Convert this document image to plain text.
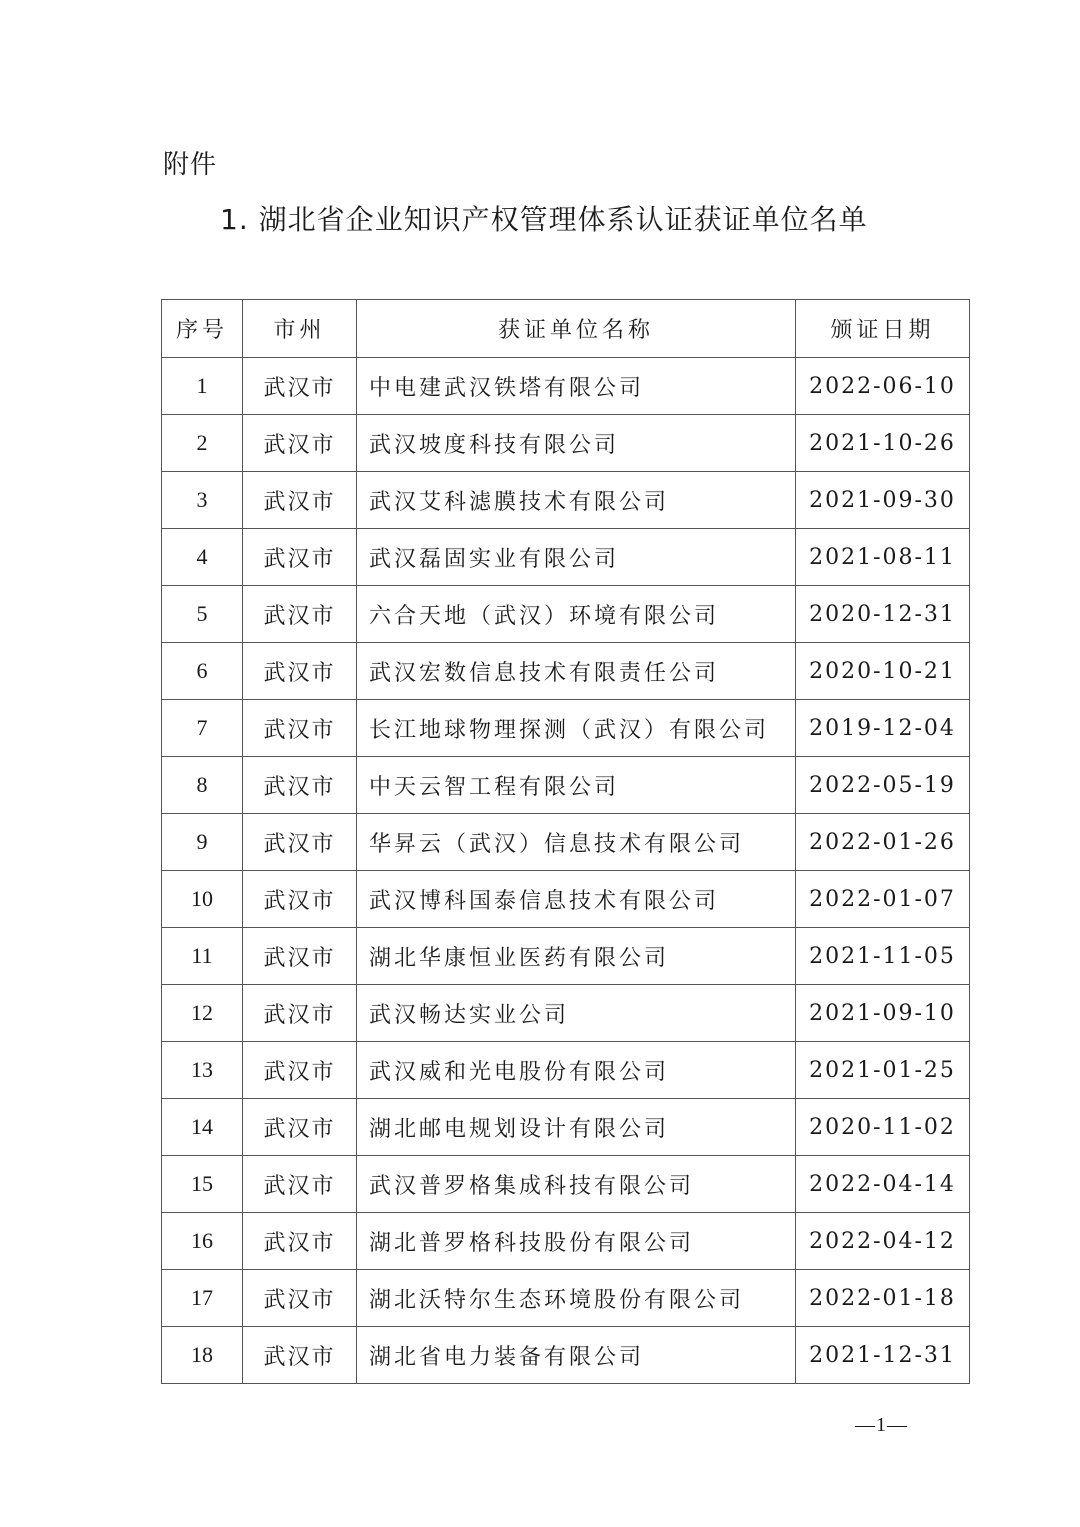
附件
1. 湖北省企业知识产权管理体系认证获证单位名单
序号	市州	获证单位名称	颁证日期
1	武汉市	中电建武汉铁塔有限公司	2022-06-10
2	武汉市	武汉坡度科技有限公司	2021-10-26
3	武汉市	武汉艾科滤膜技术有限公司	2021-09-30
4	武汉市	武汉磊固实业有限公司	2021-08-11
5	武汉市	六合天地（武汉）环境有限公司	2020-12-31
6	武汉市	武汉宏数信息技术有限责任公司	2020-10-21
7	武汉市	长江地球物理探测（武汉）有限公司	2019-12-04
8	武汉市	中天云智工程有限公司	2022-05-19
9	武汉市	华昇云（武汉）信息技术有限公司	2022-01-26
10	武汉市	武汉博科国泰信息技术有限公司	2022-01-07
11	武汉市	湖北华康恒业医药有限公司	2021-11-05
12	武汉市	武汉畅达实业公司	2021-09-10
13	武汉市	武汉威和光电股份有限公司	2021-01-25
14	武汉市	湖北邮电规划设计有限公司	2020-11-02
15	武汉市	武汉普罗格集成科技有限公司	2022-04-14
16	武汉市	湖北普罗格科技股份有限公司	2022-04-12
17	武汉市	湖北沃特尔生态环境股份有限公司	2022-01-18
18	武汉市	湖北省电力装备有限公司	2021-12-31
—1—
